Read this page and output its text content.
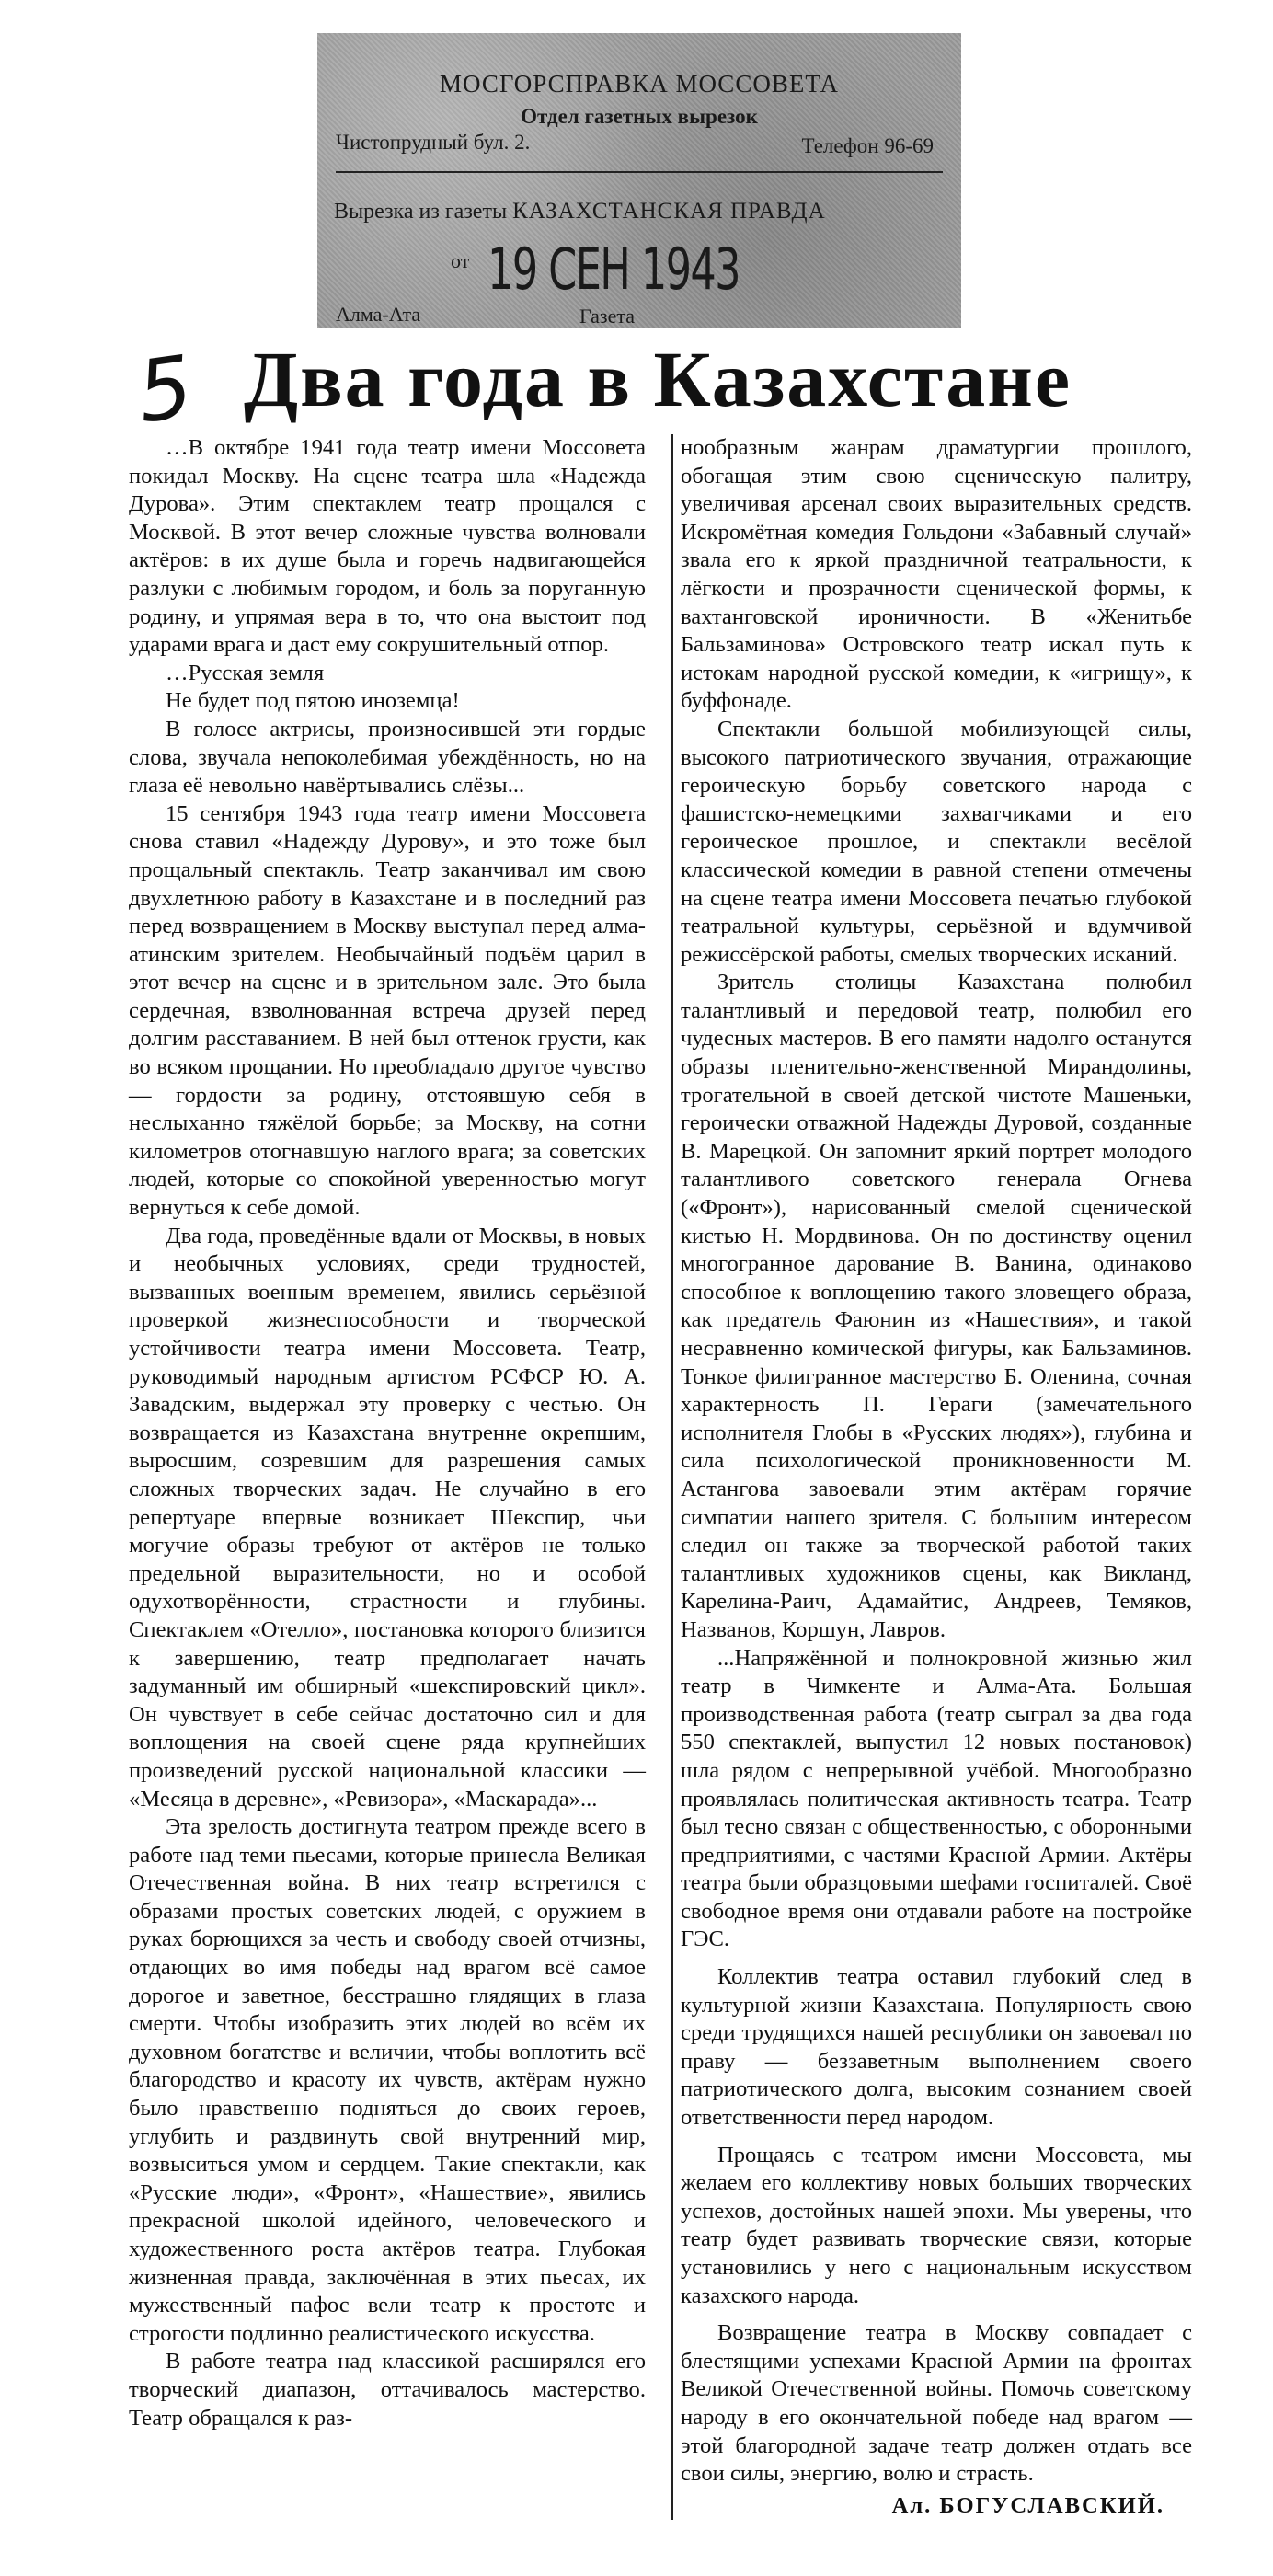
МОСГОРСПРАВКА МОССОВЕТА
Отдел газетных вырезок
Чистопрудный бул. 2.	Телефон 96-69
Вырезка из газеты КАЗАХСТАНСКАЯ ПРАВДА
от 19 СЕН 1943
Алма-Ата	Газета
5 Два года в Казахстане

…В октябре 1941 года театр имени Моссовета покидал Москву. На сцене театра шла «Надежда Дурова». Этим спектаклем театр прощался с Москвой. В этот вечер сложные чувства волновали актёров: в их душе была и горечь надвигающейся разлуки с любимым городом, и боль за поруганную родину, и упрямая вера в то, что она выстоит под ударами врага и даст ему сокрушительный отпор.

…Русская земля
Не будет под пятою иноземца!

В голосе актрисы, произносившей эти гордые слова, звучала непоколебимая убеждённость, но на глаза её невольно навёртывались слёзы...

15 сентября 1943 года театр имени Моссовета снова ставил «Надежду Дурову», и это тоже был прощальный спектакль. Театр заканчивал им свою двухлетнюю работу в Казахстане и в последний раз перед возвращением в Москву выступал перед алма-атинским зрителем. Необычайный подъём царил в этот вечер на сцене и в зрительном зале. Это была сердечная, взволнованная встреча друзей перед долгим расставанием. В ней был оттенок грусти, как во всяком прощании. Но преобладало другое чувство — гордости за родину, отстоявшую себя в неслыханно тяжёлой борьбе; за Москву, на сотни километров отогнавшую наглого врага; за советских людей, которые со спокойной уверенностью могут вернуться к себе домой.

Два года, проведённые вдали от Москвы, в новых и необычных условиях, среди трудностей, вызванных военным временем, явились серьёзной проверкой жизнеспособности и творческой устойчивости театра имени Моссовета. Театр, руководимый народным артистом РСФСР Ю. А. Завадским, выдержал эту проверку с честью. Он возвращается из Казахстана внутренне окрепшим, выросшим, созревшим для разрешения самых сложных творческих задач. Не случайно в его репертуаре впервые возникает Шекспир, чьи могучие образы требуют от актёров не только предельной выразительности, но и особой одухотворённости, страстности и глубины. Спектаклем «Отелло», постановка которого близится к завершению, театр предполагает начать задуманный им обширный «шекспировский цикл». Он чувствует в себе сейчас достаточно сил и для воплощения на своей сцене ряда крупнейших произведений русской национальной классики — «Месяца в деревне», «Ревизора», «Маскарада»...

Эта зрелость достигнута театром прежде всего в работе над теми пьесами, которые принесла Великая Отечественная война. В них театр встретился с образами простых советских людей, с оружием в руках борющихся за честь и свободу своей отчизны, отдающих во имя победы над врагом всё самое дорогое и заветное, бесстрашно глядящих в глаза смерти. Чтобы изобразить этих людей во всём их духовном богатстве и величии, чтобы воплотить всё благородство и красоту их чувств, актёрам нужно было нравственно подняться до своих героев, углубить и раздвинуть свой внутренний мир, возвыситься умом и сердцем. Такие спектакли, как «Русские люди», «Фронт», «Нашествие», явились прекрасной школой идейного, человеческого и художественного роста актёров театра. Глубокая жизненная правда, заключённая в этих пьесах, их мужественный пафос вели театр к простоте и строгости подлинно реалистического искусства.

В работе театра над классикой расширялся его творческий диапазон, оттачивалось мастерство. Театр обращался к раз-

нообразным жанрам драматургии прошлого, обогащая этим свою сценическую палитру, увеличивая арсенал своих выразительных средств. Искромётная комедия Гольдони «Забавный случай» звала его к яркой праздничной театральности, к лёгкости и прозрачности сценической формы, к вахтанговской ироничности. В «Женитьбе Бальзаминова» Островского театр искал путь к истокам народной русской комедии, к «игрищу», к буффонаде.

Спектакли большой мобилизующей силы, высокого патриотического звучания, отражающие героическую борьбу советского народа с фашистско-немецкими захватчиками и его героическое прошлое, и спектакли весёлой классической комедии в равной степени отмечены на сцене театра имени Моссовета печатью глубокой театральной культуры, серьёзной и вдумчивой режиссёрской работы, смелых творческих исканий.

Зритель столицы Казахстана полюбил талантливый и передовой театр, полюбил его чудесных мастеров. В его памяти надолго останутся образы пленительно-женственной Мирандолины, трогательной в своей детской чистоте Машеньки, героически отважной Надежды Дуровой, созданные В. Марецкой. Он запомнит яркий портрет молодого талантливого советского генерала Огнева («Фронт»), нарисованный смелой сценической кистью Н. Мордвинова. Он по достинству оценил многогранное дарование В. Ванина, одинаково способное к воплощению такого зловещего образа, как предатель Фаюнин из «Нашествия», и такой несравненно комической фигуры, как Бальзаминов. Тонкое филигранное мастерство Б. Оленина, сочная характерность П. Гераги (замечательного исполнителя Глобы в «Русских людях»), глубина и сила психологической проникновенности М. Астангова завоевали этим актёрам горячие симпатии нашего зрителя. С большим интересом следил он также за творческой работой таких талантливых художников сцены, как Викланд, Карелина-Раич, Адамайтис, Андреев, Темяков, Названов, Коршун, Лавров.

...Напряжённой и полнокровной жизнью жил театр в Чимкенте и Алма-Ата. Большая производственная работа (театр сыграл за два года 550 спектаклей, выпустил 12 новых постановок) шла рядом с непрерывной учёбой. Многообразно проявлялась политическая активность театра. Театр был тесно связан с общественностью, с оборонными предприятиями, с частями Красной Армии. Актёры театра были образцовыми шефами госпиталей. Своё свободное время они отдавали работе на постройке ГЭС.

Коллектив театра оставил глубокий след в культурной жизни Казахстана. Популярность свою среди трудящихся нашей республики он завоевал по праву — беззаветным выполнением своего патриотического долга, высоким сознанием своей ответственности перед народом.

Прощаясь с театром имени Моссовета, мы желаем его коллективу новых больших творческих успехов, достойных нашей эпохи. Мы уверены, что театр будет развивать творческие связи, которые установились у него с национальным искусством казахского народа.

Возвращение театра в Москву совпадает с блестящими успехами Красной Армии на фронтах Великой Отечественной войны. Помочь советскому народу в его окончательной победе над врагом — этой благородной задаче театр должен отдать все свои силы, энергию, волю и страсть.

Ал. БОГУСЛАВСКИЙ.
